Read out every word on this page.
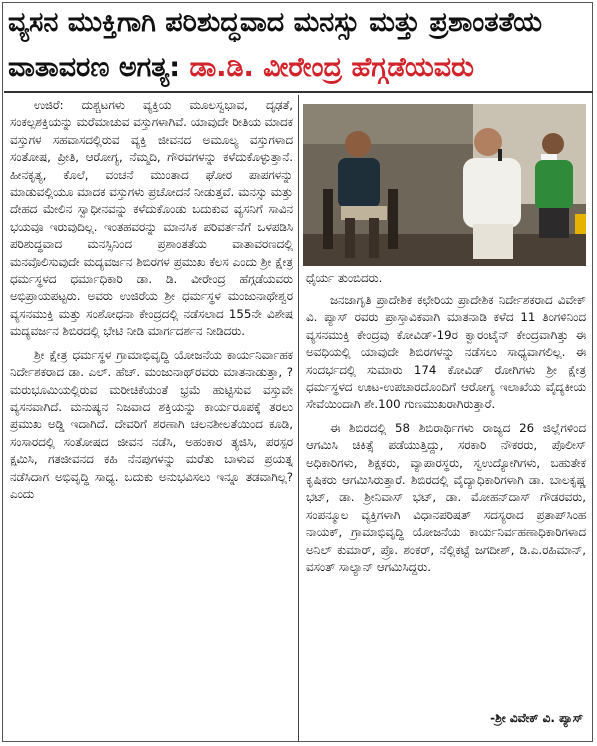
ವ್ಯಸನ ಮುಕ್ತಿಗಾಗಿ ಪರಿಶುದ್ಧವಾದ ಮನಸ್ಸು ಮತ್ತು ಪ್ರಶಾಂತತೆಯ
ವಾತಾವರಣ ಅಗತ್ಯ: ಡಾ.ಡಿ. ವೀರೇಂದ್ರ ಹೆಗ್ಗಡೆಯವರು

ಉಜಿರೆ: ದುಶ್ಚಟಗಳು ವ್ಯಕ್ತಿಯ ಮೂಲಸ್ವಭಾವ, ದೃಢತೆ, ಸಂಕಲ್ಪಶಕ್ತಿಯನ್ನು ಮರೆಮಾಚುವ ವಸ್ತುಗಳಾಗಿವೆ. ಯಾವುದೇ ರೀತಿಯ ಮಾದಕ ವಸ್ತುಗಳ ಸಹವಾಸದಲ್ಲಿರುವ ವ್ಯಕ್ತಿ ಜೀವನದ ಅಮೂಲ್ಯ ವಸ್ತುಗಳಾದ ಸಂತೋಷ, ಪ್ರೀತಿ, ಆರೋಗ್ಯ, ನೆಮ್ಮದಿ, ಗೌರವಗಳನ್ನು ಕಳೆದುಕೊಳ್ಳುತ್ತಾನೆ. ಹೀನಕೃತ್ಯ, ಕೊಲೆ, ವಂಚನೆ ಮುಂತಾದ ಘೋರ ಪಾಪಗಳನ್ನು ಮಾಡುವಲ್ಲಿಯೂ ಮಾದಕ ವಸ್ತುಗಳು ಪ್ರಚೋದನೆ ನೀಡುತ್ತವೆ. ಮನಸ್ಸು ಮತ್ತು ದೇಹದ ಮೇಲಿನ ಸ್ವಾಧೀನವನ್ನು ಕಳೆದುಕೊಂಡು ಬದುಕುವ ವ್ಯಸನಿಗೆ ಸಾವಿನ ಭಯವೂ ಇರುವುದಿಲ್ಲ. ಇಂತಹವರನ್ನು ಮಾನಸಿಕ ಪರಿವರ್ತನೆಗೆ ಒಳಪಡಿಸಿ ಪರಿಶುದ್ಧವಾದ ಮನಸ್ಸಿನಿಂದ ಪ್ರಶಾಂತತೆಯ ವಾತಾವರಣದಲ್ಲಿ ಮನವೊಲಿಸುವುದೇ ಮದ್ಯವರ್ಜನ ಶಿಬಿರಗಳ ಪ್ರಮುಖ ಕೆಲಸ ಎಂದು ಶ್ರೀ ಕ್ಷೇತ್ರ ಧರ್ಮಸ್ಥಳದ ಧರ್ಮಾಧಿಕಾರಿ ಡಾ. ಡಿ. ವೀರೇಂದ್ರ ಹೆಗ್ಗಡೆಯವರು ಅಭಿಪ್ರಾಯಪಟ್ಟರು. ಅವರು ಉಜಿರೆಯ ಶ್ರೀ ಧರ್ಮಸ್ಥಳ ಮಂಜುನಾಥೇಶ್ವರ ವ್ಯಸನಮುಕ್ತಿ ಮತ್ತು ಸಂಶೋಧನಾ ಕೇಂದ್ರದಲ್ಲಿ ನಡೆಸಲಾದ 155ನೇ ವಿಶೇಷ ಮದ್ಯವರ್ಜನ ಶಿಬಿರದಲ್ಲಿ ಭೇಟಿ ನೀಡಿ ಮಾರ್ಗದರ್ಶನ ನೀಡಿದರು.

ಶ್ರೀ ಕ್ಷೇತ್ರ ಧರ್ಮಸ್ಥಳ ಗ್ರಾಮಾಭಿವೃದ್ಧಿ ಯೋಜನೆಯ ಕಾರ್ಯನಿರ್ವಾಹಕ ನಿರ್ದೇಶಕರಾದ ಡಾ. ಎಲ್. ಹೆಚ್. ಮಂಜುನಾಥ್‌ರವರು ಮಾತನಾಡುತ್ತಾ, ?ಮರುಭೂಮಿಯಲ್ಲಿರುವ ಮರೀಚಿಕೆಯಂತೆ ಭ್ರಮೆ ಹುಟ್ಟಿಸುವ ವಸ್ತುವೇ ವ್ಯಸನವಾಗಿದೆ. ಮನುಷ್ಯನ ನಿಜವಾದ ಶಕ್ತಿಯನ್ನು ಕಾರ್ಯರೂಪಕ್ಕೆ ತರಲು ಪ್ರಮುಖ ಅಡ್ಡಿ ಇದಾಗಿದೆ. ದೇವರಿಗೆ ಶರಣಾಗಿ ಚಲನಶೀಲತೆಯಿಂದ ಕೂಡಿ, ಸಂಸಾರದಲ್ಲಿ ಸಂತೋಷದ ಜೀವನ ನಡೆಸಿ, ಅಹಂಕಾರ ತ್ಯಜಿಸಿ, ಪರಸ್ಪರ ಕ್ಷಮಿಸಿ, ಗತಜೀವನದ ಕಹಿ ನೆನಪುಗಳನ್ನು ಮರೆತು ಬಾಳುವ ಪ್ರಯತ್ನ ನಡೆಸಿದಾಗ ಅಭಿವೃದ್ಧಿ ಸಾಧ್ಯ. ಬದುಕು ಅನುಭವಿಸಲು ಇನ್ನೂ ತಡವಾಗಿಲ್ಲ? ಎಂದು

ಧೈರ್ಯ ತುಂಬಿದರು.

ಜನಜಾಗೃತಿ ಪ್ರಾದೇಶಿಕ ಕಛೇರಿಯ ಪ್ರಾದೇಶಿಕ ನಿರ್ದೇಶಕರಾದ ವಿವೇಕ್ ವಿ. ಪ್ಯಾಸ್ ರವರು ಪ್ರಾಸ್ತಾವಿಕವಾಗಿ ಮಾತನಾಡಿ ಕಳೆದ 11 ತಿಂಗಳಿನಿಂದ ವ್ಯಸನಮುಕ್ತಿ ಕೇಂದ್ರವು ಕೋವಿಡ್-19ರ ಕ್ವಾರಂಟೈನ್ ಕೇಂದ್ರವಾಗಿತ್ತು ಈ ಅವಧಿಯಲ್ಲಿ ಯಾವುದೇ ಶಿಬಿರಗಳನ್ನು ನಡೆಸಲು ಸಾಧ್ಯವಾಗಲಿಲ್ಲ. ಈ ಸಂದರ್ಭದಲ್ಲಿ ಸುಮಾರು 174 ಕೋವಿಡ್ ರೋಗಿಗಳು ಶ್ರೀ ಕ್ಷೇತ್ರ ಧರ್ಮಸ್ಥಳದ ಊಟ-ಉಪಚಾರದೊಂದಿಗೆ ಆರೋಗ್ಯ ಇಲಾಖೆಯ ವೈದ್ಯಕೀಯ ಸೇವೆಯಿಂದಾಗಿ ಶೇ.100 ಗುಣಮುಖರಾಗಿರುತ್ತಾರೆ.

ಈ ಶಿಬಿರದಲ್ಲಿ 58 ಶಿಬಿರಾರ್ಥಿಗಳು ರಾಜ್ಯದ 26 ಜಿಲ್ಲೆಗಳಿಂದ ಆಗಮಿಸಿ ಚಿಕಿತ್ಸೆ ಪಡೆಯುತ್ತಿದ್ದು, ಸರಕಾರಿ ನೌಕರರು, ಪೊಲೀಸ್ ಅಧಿಕಾರಿಗಳು, ಶಿಕ್ಷಕರು, ವ್ಯಾಪಾರಸ್ಥರು, ಸ್ವಉದ್ಯೋಗಿಗಳು, ಬಹುತೇಕ ಕೃಷಿಕರು ಆಗಮಿಸಿರುತ್ತಾರೆ. ಶಿಬಿರದಲ್ಲಿ ವೈದ್ಯಾಧಿಕಾರಿಗಳಾಗಿ ಡಾ. ಬಾಲಕೃಷ್ಣ ಭಟ್, ಡಾ. ಶ್ರೀನಿವಾಸ್ ಭಟ್, ಡಾ. ಮೋಹನ್‌ದಾಸ್ ಗೌಡರವರು, ಸಂಪನ್ಮೂಲ ವ್ಯಕ್ತಿಗಳಾಗಿ ವಿಧಾನಪರಿಷತ್ ಸದಸ್ಯರಾದ ಪ್ರತಾಪ್‌ಸಿಂಹ ನಾಯಕ್, ಗ್ರಾಮಾಭಿವೃದ್ಧಿ ಯೋಜನೆಯ ಕಾರ್ಯನಿರ್ವಹಣಾಧಿಕಾರಿಗಳಾದ ಅನಿಲ್ ಕುಮಾರ್, ಪ್ರೊ. ಶಂಕರ್, ನೆಲ್ಲಿಕಟ್ಟೆ ಜಗದೀಶ್, ಡಿ.ಎ.ರಹಿಮಾನ್, ವಸಂತ್ ಸಾಲ್ಯಾನ್ ಆಗಮಿಸಿದ್ದರು.

-ಶ್ರೀ ವಿವೇಕ್ ವಿ. ಪ್ಯಾಸ್
